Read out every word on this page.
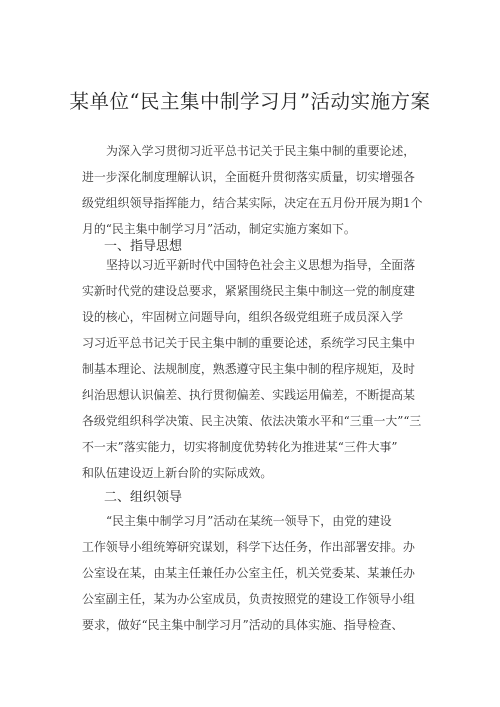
某单位“民主集中制学习月”活动实施方案
为深入学习贯彻习近平总书记关于民主集中制的重要论述，
进一步深化制度理解认识，全面梃升贯彻落实质量，切实增强各
级党组织领导指挥能力，结合某实际，决定在五月份开展为期1个
月的“民主集中制学习月”活动，制定实施方案如下。
一、指导思想
坚持以习近平新时代中国特色社会主义思想为指导，全面落
实新时代党的建设总要求，紧紧围绕民主集中制这一党的制度建
设的核心，牢固树立问题导向，组织各级党组班子成员深入学
习习近平总书记关于民主集中制的重要论述，系统学习民主集中
制基本理论、法规制度，熟悉遵守民主集中制的程序规矩，及时
纠治思想认识偏差、执行贯彻偏差、实践运用偏差，不断提高某
各级党组织科学决策、民主决策、依法决策水平和“三重一大”“三
不一末”落实能力，切实将制度优势转化为推进某“三件大事”
和队伍建设迈上新台阶的实际成效。
二、组织领导
“民主集中制学习月”活动在某统一领导下，由党的建设
工作领导小组统筹研究谋划，科学下达任务，作出部署安排。办
公室设在某，由某主任兼任办公室主任，机关党委某、某兼任办
公室副主任，某为办公室成员，负责按照党的建设工作领导小组
要求，做好“民主集中制学习月”活动的具体实施、指导检查、
